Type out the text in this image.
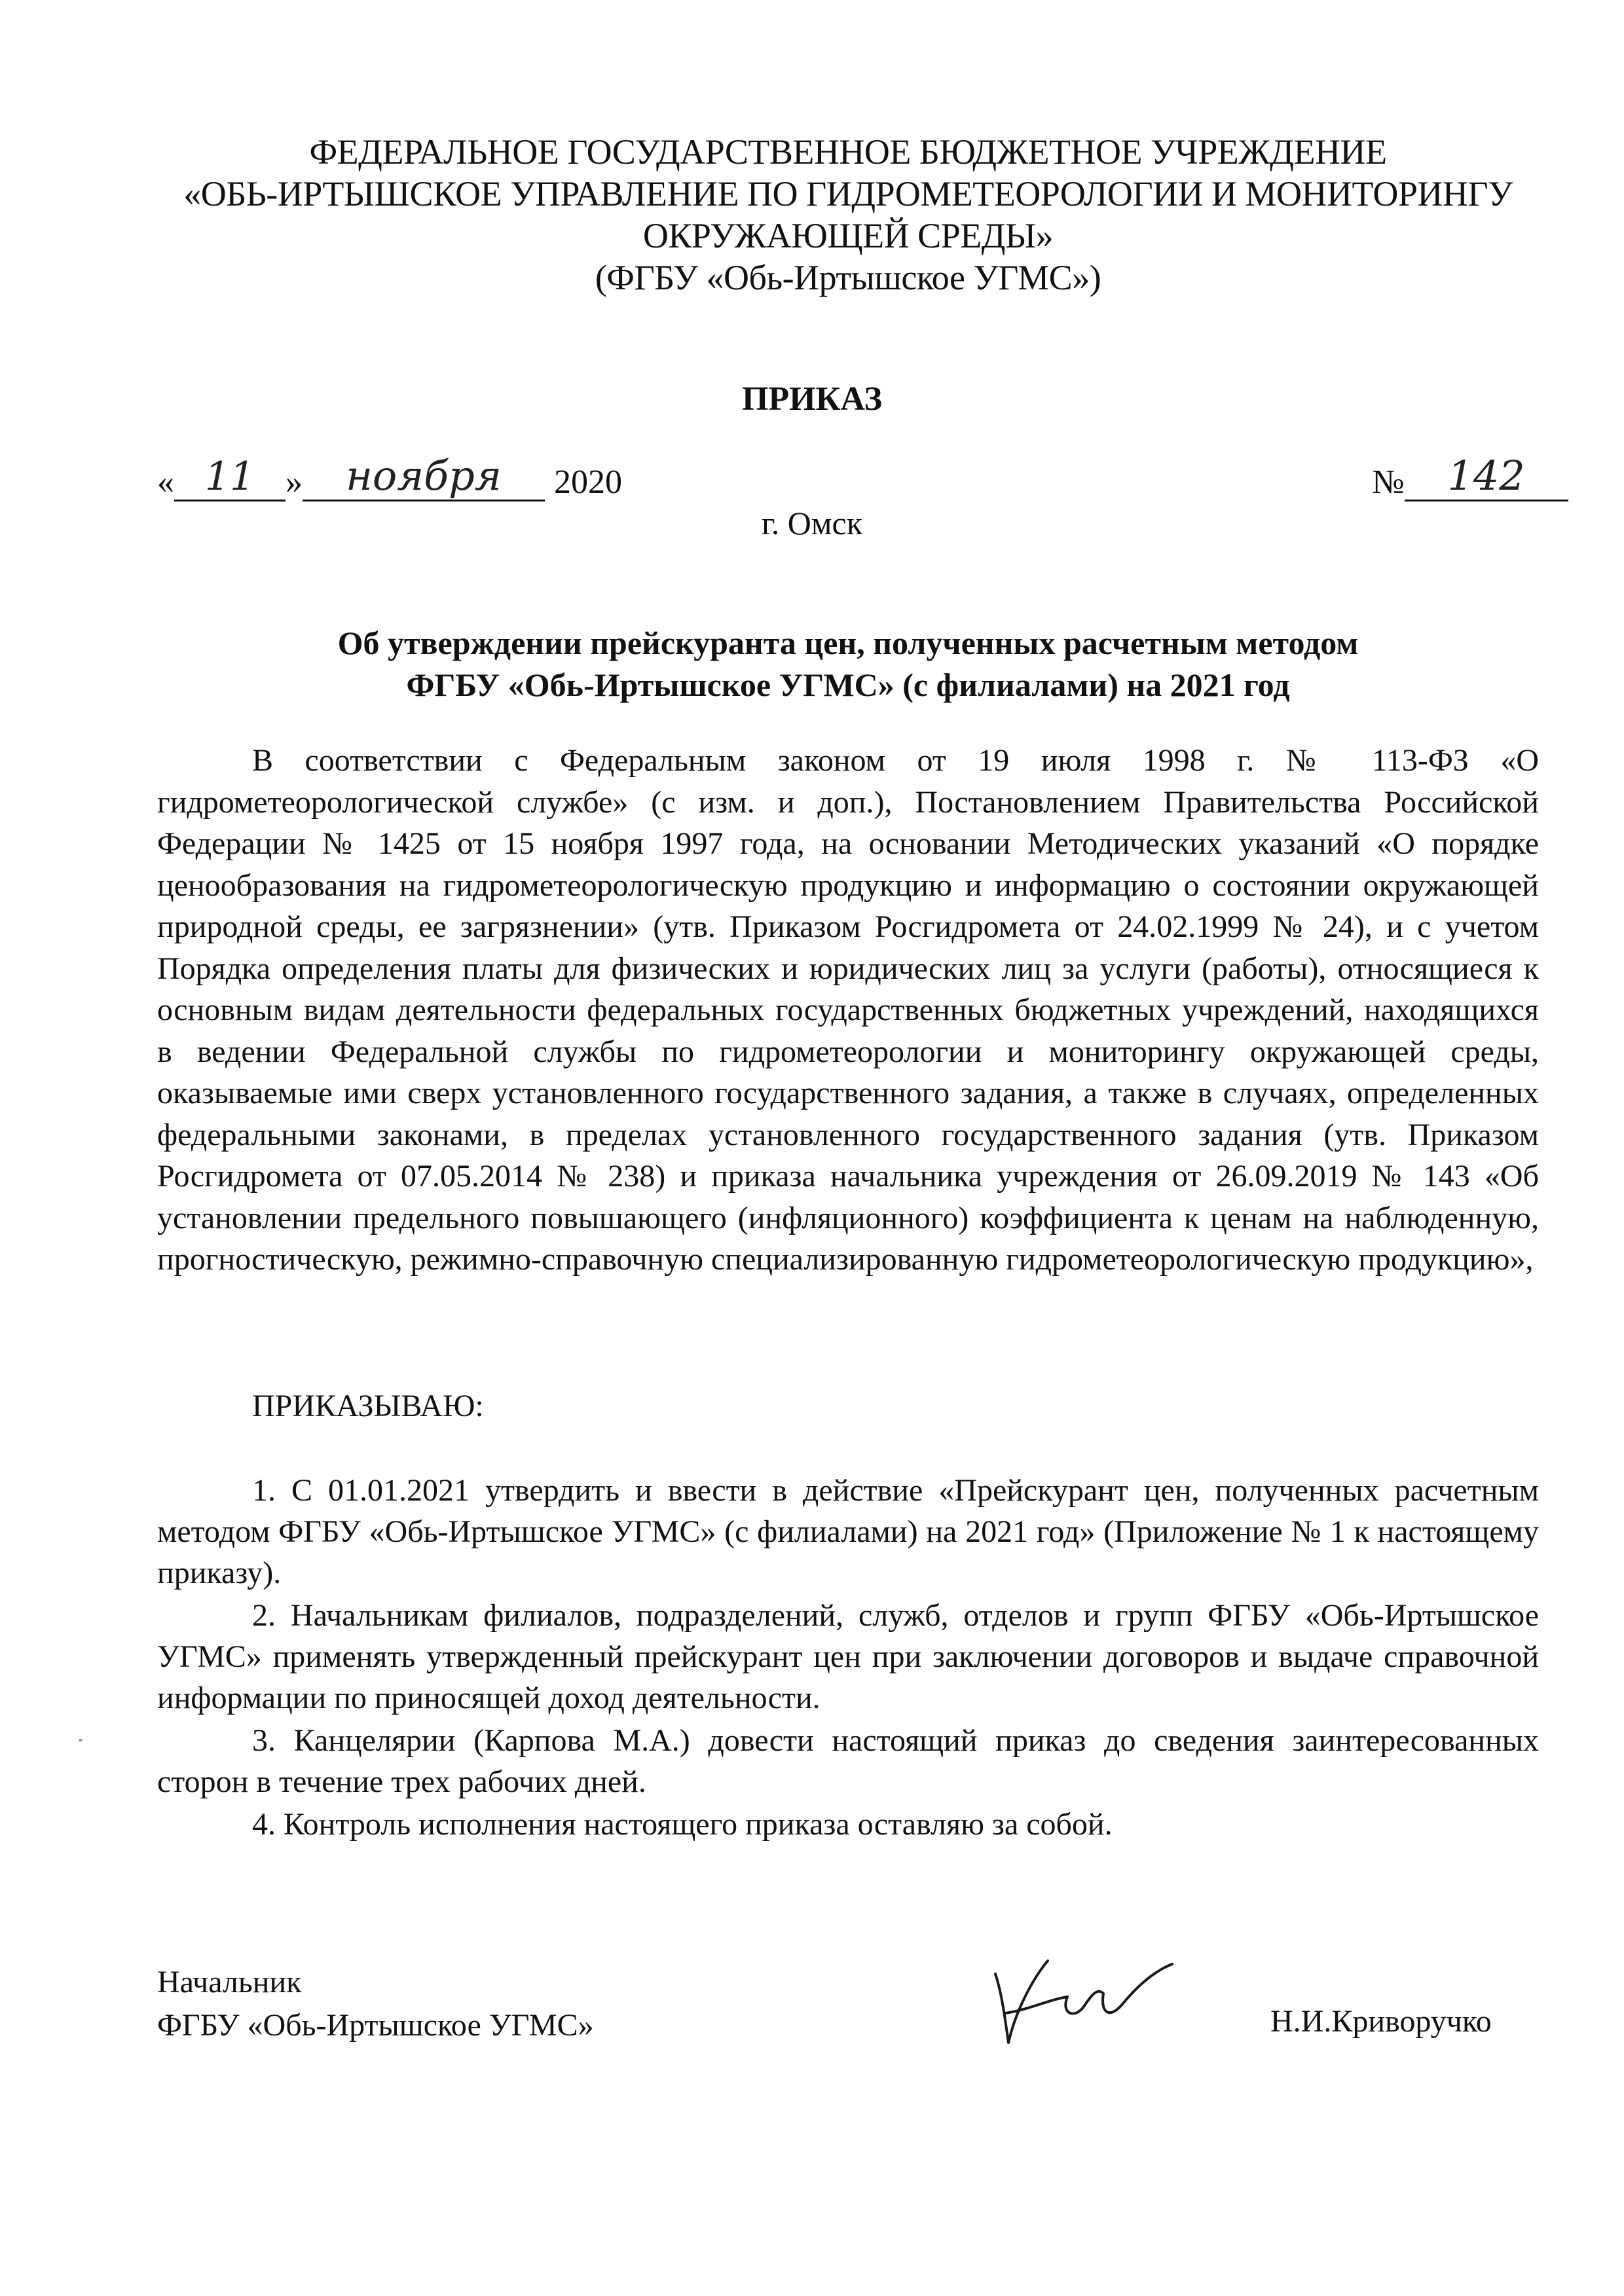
ФЕДЕРАЛЬНОЕ ГОСУДАРСТВЕННОЕ БЮДЖЕТНОЕ УЧРЕЖДЕНИЕ
«ОБЬ-ИРТЫШСКОЕ УПРАВЛЕНИЕ ПО ГИДРОМЕТЕОРОЛОГИИ И МОНИТОРИНГУ
ОКРУЖАЮЩЕЙ СРЕДЫ»
(ФГБУ «Обь-Иртышское УГМС»)
ПРИКАЗ
« 11 »	ноября	2020	№	142
г. Омск
Об утверждении прейскуранта цен, полученных расчетным методом
ФГБУ «Обь-Иртышское УГМС» (с филиалами) на 2021 год
В соответствии с Федеральным законом от 19 июля 1998 г. № 113-ФЗ «О гидрометеорологической службе» (с изм. и доп.), Постановлением Правительства Российской Федерации № 1425 от 15 ноября 1997 года, на основании Методических указаний «О порядке ценообразования на гидрометеорологическую продукцию и информацию о состоянии окружающей природной среды, ее загрязнении» (утв. Приказом Росгидромета от 24.02.1999 № 24), и с учетом Порядка определения платы для физических и юридических лиц за услуги (работы), относящиеся к основным видам деятельности федеральных государственных бюджетных учреждений, находящихся в ведении Федеральной службы по гидрометеорологии и мониторингу окружающей среды, оказываемые ими сверх установленного государственного задания, а также в случаях, определенных федеральными законами, в пределах установленного государственного задания (утв. Приказом Росгидромета от 07.05.2014 № 238) и приказа начальника учреждения от 26.09.2019 № 143 «Об установлении предельного повышающего (инфляционного) коэффициента к ценам на наблюденную, прогностическую, режимно-справочную специализированную гидрометеорологическую продукцию»,
ПРИКАЗЫВАЮ:

1. С 01.01.2021 утвердить и ввести в действие «Прейскурант цен, полученных расчетным методом ФГБУ «Обь-Иртышское УГМС» (с филиалами) на 2021 год» (Приложение № 1 к настоящему приказу).

2. Начальникам филиалов, подразделений, служб, отделов и групп ФГБУ «Обь-Иртышское УГМС» применять утвержденный прейскурант цен при заключении договоров и выдаче справочной информации по приносящей доход деятельности.

3. Канцелярии (Карпова М.А.) довести настоящий приказ до сведения заинтересованных сторон в течение трех рабочих дней.

4. Контроль исполнения настоящего приказа оставляю за собой.

Начальник
ФГБУ «Обь-Иртышское УГМС»	Н.И.Криворучко
